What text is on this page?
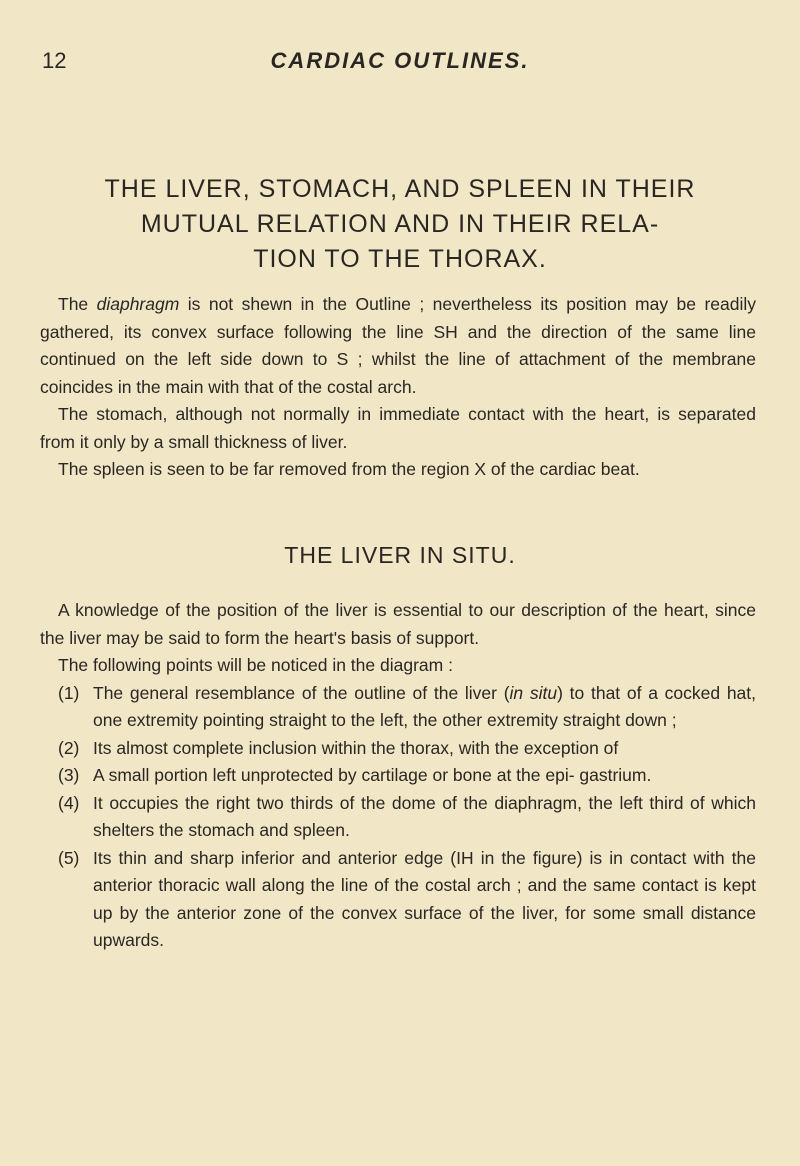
12	CARDIAC OUTLINES.
THE LIVER, STOMACH, AND SPLEEN IN THEIR
MUTUAL RELATION AND IN THEIR RELA-
TION TO THE THORAX.

The diaphragm is not shewn in the Outline ; nevertheless its position may be readily gathered, its convex surface following the line SH and the direction of the same line continued on the left side down to S ; whilst the line of attachment of the membrane coincides in the main with that of the costal arch.

The stomach, although not normally in immediate contact with the heart, is separated from it only by a small thickness of liver.

The spleen is seen to be far removed from the region X of the cardiac beat.

THE LIVER IN SITU.

A knowledge of the position of the liver is essential to our description of the heart, since the liver may be said to form the heart's basis of support.

The following points will be noticed in the diagram :

(1) The general resemblance of the outline of the liver (in situ) to that of a cocked hat, one extremity pointing straight to the left, the other extremity straight down ;
(2) Its almost complete inclusion within the thorax, with the exception of
(3) A small portion left unprotected by cartilage or bone at the epi- gastrium.
(4) It occupies the right two thirds of the dome of the diaphragm, the left third of which shelters the stomach and spleen.
(5) Its thin and sharp inferior and anterior edge (IH in the figure) is in contact with the anterior thoracic wall along the line of the costal arch ; and the same contact is kept up by the anterior zone of the convex surface of the liver, for some small distance upwards.
